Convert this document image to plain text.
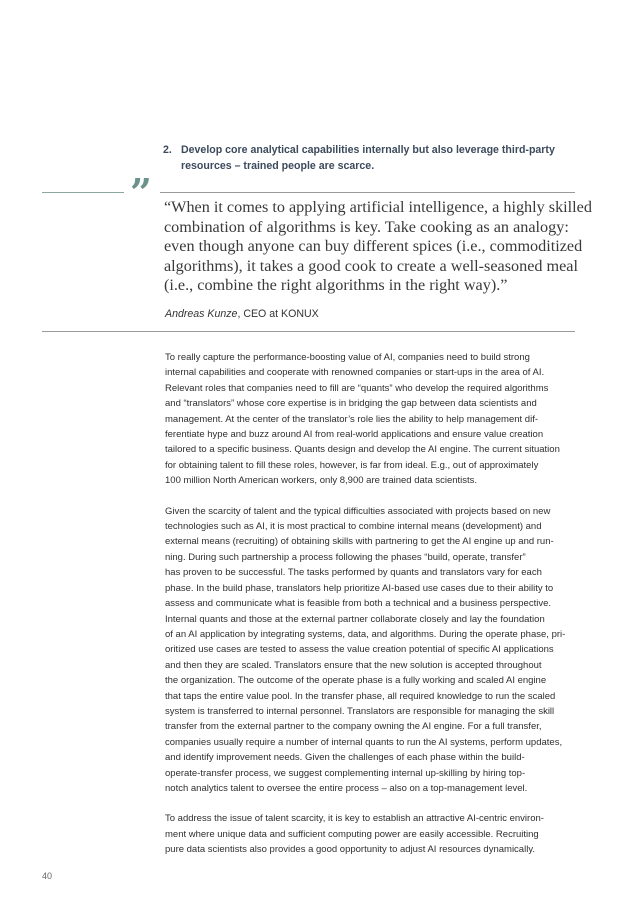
2. Develop core analytical capabilities internally but also leverage third-party
resources – trained people are scarce.
” “When it comes to applying artificial intelligence, a highly skilled
combination of algorithms is key. Take cooking as an analogy:
even though anyone can buy different spices (i.e., commoditized
algorithms), it takes a good cook to create a well-seasoned meal
(i.e., combine the right algorithms in the right way).”
Andreas Kunze, CEO at KONUX

To really capture the performance-boosting value of AI, companies need to build strong
internal capabilities and cooperate with renowned companies or start-ups in the area of AI.
Relevant roles that companies need to fill are “quants” who develop the required algorithms
and “translators” whose core expertise is in bridging the gap between data scientists and
management. At the center of the translator’s role lies the ability to help management dif-
ferentiate hype and buzz around AI from real-world applications and ensure value creation
tailored to a specific business. Quants design and develop the AI engine. The current situation
for obtaining talent to fill these roles, however, is far from ideal. E.g., out of approximately
100 million North American workers, only 8,900 are trained data scientists.

Given the scarcity of talent and the typical difficulties associated with projects based on new
technologies such as AI, it is most practical to combine internal means (development) and
external means (recruiting) of obtaining skills with partnering to get the AI engine up and run-
ning. During such partnership a process following the phases “build, operate, transfer”
has proven to be successful. The tasks performed by quants and translators vary for each
phase. In the build phase, translators help prioritize AI-based use cases due to their ability to
assess and communicate what is feasible from both a technical and a business perspective.
Internal quants and those at the external partner collaborate closely and lay the foundation
of an AI application by integrating systems, data, and algorithms. During the operate phase, pri-
oritized use cases are tested to assess the value creation potential of specific AI applications
and then they are scaled. Translators ensure that the new solution is accepted throughout
the organization. The outcome of the operate phase is a fully working and scaled AI engine
that taps the entire value pool. In the transfer phase, all required knowledge to run the scaled
system is transferred to internal personnel. Translators are responsible for managing the skill
transfer from the external partner to the company owning the AI engine. For a full transfer,
companies usually require a number of internal quants to run the AI systems, perform updates,
and identify improvement needs. Given the challenges of each phase within the build-
operate-transfer process, we suggest complementing internal up-skilling by hiring top-
notch analytics talent to oversee the entire process – also on a top-management level.

To address the issue of talent scarcity, it is key to establish an attractive AI-centric environ-
ment where unique data and sufficient computing power are easily accessible. Recruiting
pure data scientists also provides a good opportunity to adjust AI resources dynamically.

40
